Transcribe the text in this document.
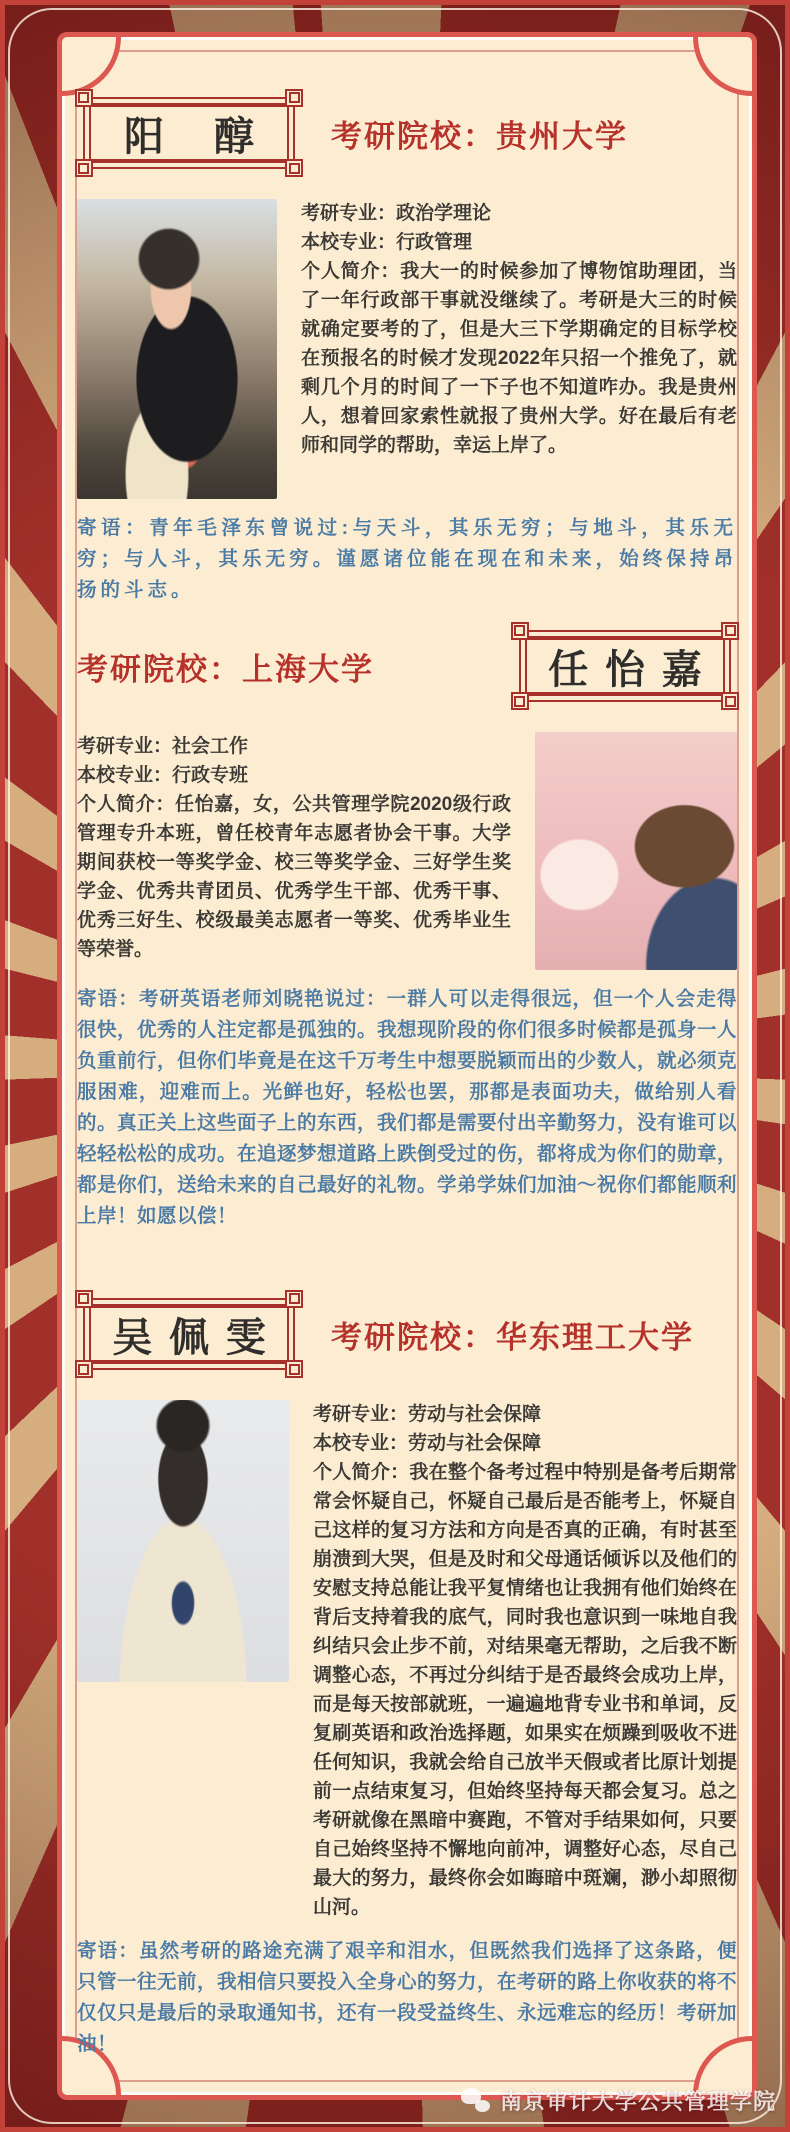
阳醇 考研院校：贵州大学

考研专业：政治学理论

本校专业：行政管理

个人简介：我大一的时候参加了博物馆助理团，当了一年行政部干事就没继续了。考研是大三的时候就确定要考的了，但是大三下学期确定的目标学校在预报名的时候才发现2022年只招一个推免了，就剩几个月的时间了一下子也不知道咋办。我是贵州人，想着回家索性就报了贵州大学。好在最后有老师和同学的帮助，幸运上岸了。

寄语：青年毛泽东曾说过:与天斗，其乐无穷；与地斗，其乐无穷；与人斗，其乐无穷。谨愿诸位能在现在和未来，始终保持昂扬的斗志。

考研院校：上海大学	任怡嘉

考研专业：社会工作

本校专业：行政专班

个人简介：任怡嘉，女，公共管理学院2020级行政管理专升本班，曾任校青年志愿者协会干事。大学期间获校一等奖学金、校三等奖学金、三好学生奖学金、优秀共青团员、优秀学生干部、优秀干事、优秀三好生、校级最美志愿者一等奖、优秀毕业生等荣誉。

寄语：考研英语老师刘晓艳说过：一群人可以走得很远，但一个人会走得很快，优秀的人注定都是孤独的。我想现阶段的你们很多时候都是孤身一人负重前行，但你们毕竟是在这千万考生中想要脱颖而出的少数人，就必须克服困难，迎难而上。光鲜也好，轻松也罢，那都是表面功夫，做给别人看的。真正关上这些面子上的东西，我们都是需要付出辛勤努力，没有谁可以轻轻松松的成功。在追逐梦想道路上跌倒受过的伤，都将成为你们的勋章，都是你们，送给未来的自己最好的礼物。学弟学妹们加油～祝你们都能顺利上岸！如愿以偿！

吴佩雯 考研院校：华东理工大学

考研专业：劳动与社会保障

本校专业：劳动与社会保障

个人简介：我在整个备考过程中特别是备考后期常常会怀疑自己，怀疑自己最后是否能考上，怀疑自己这样的复习方法和方向是否真的正确，有时甚至崩溃到大哭，但是及时和父母通话倾诉以及他们的安慰支持总能让我平复情绪也让我拥有他们始终在背后支持着我的底气，同时我也意识到一味地自我纠结只会止步不前，对结果毫无帮助，之后我不断调整心态，不再过分纠结于是否最终会成功上岸，而是每天按部就班，一遍遍地背专业书和单词，反复刷英语和政治选择题，如果实在烦躁到吸收不进任何知识，我就会给自己放半天假或者比原计划提前一点结束复习，但始终坚持每天都会复习。总之考研就像在黑暗中赛跑，不管对手结果如何，只要自己始终坚持不懈地向前冲，调整好心态，尽自己最大的努力，最终你会如晦暗中斑斓，渺小却照彻山河。

寄语：虽然考研的路途充满了艰辛和泪水，但既然我们选择了这条路，便只管一往无前，我相信只要投入全身心的努力，在考研的路上你收获的将不仅仅只是最后的录取通知书，还有一段受益终生、永远难忘的经历！考研加油！

南京审计大学公共管理学院
